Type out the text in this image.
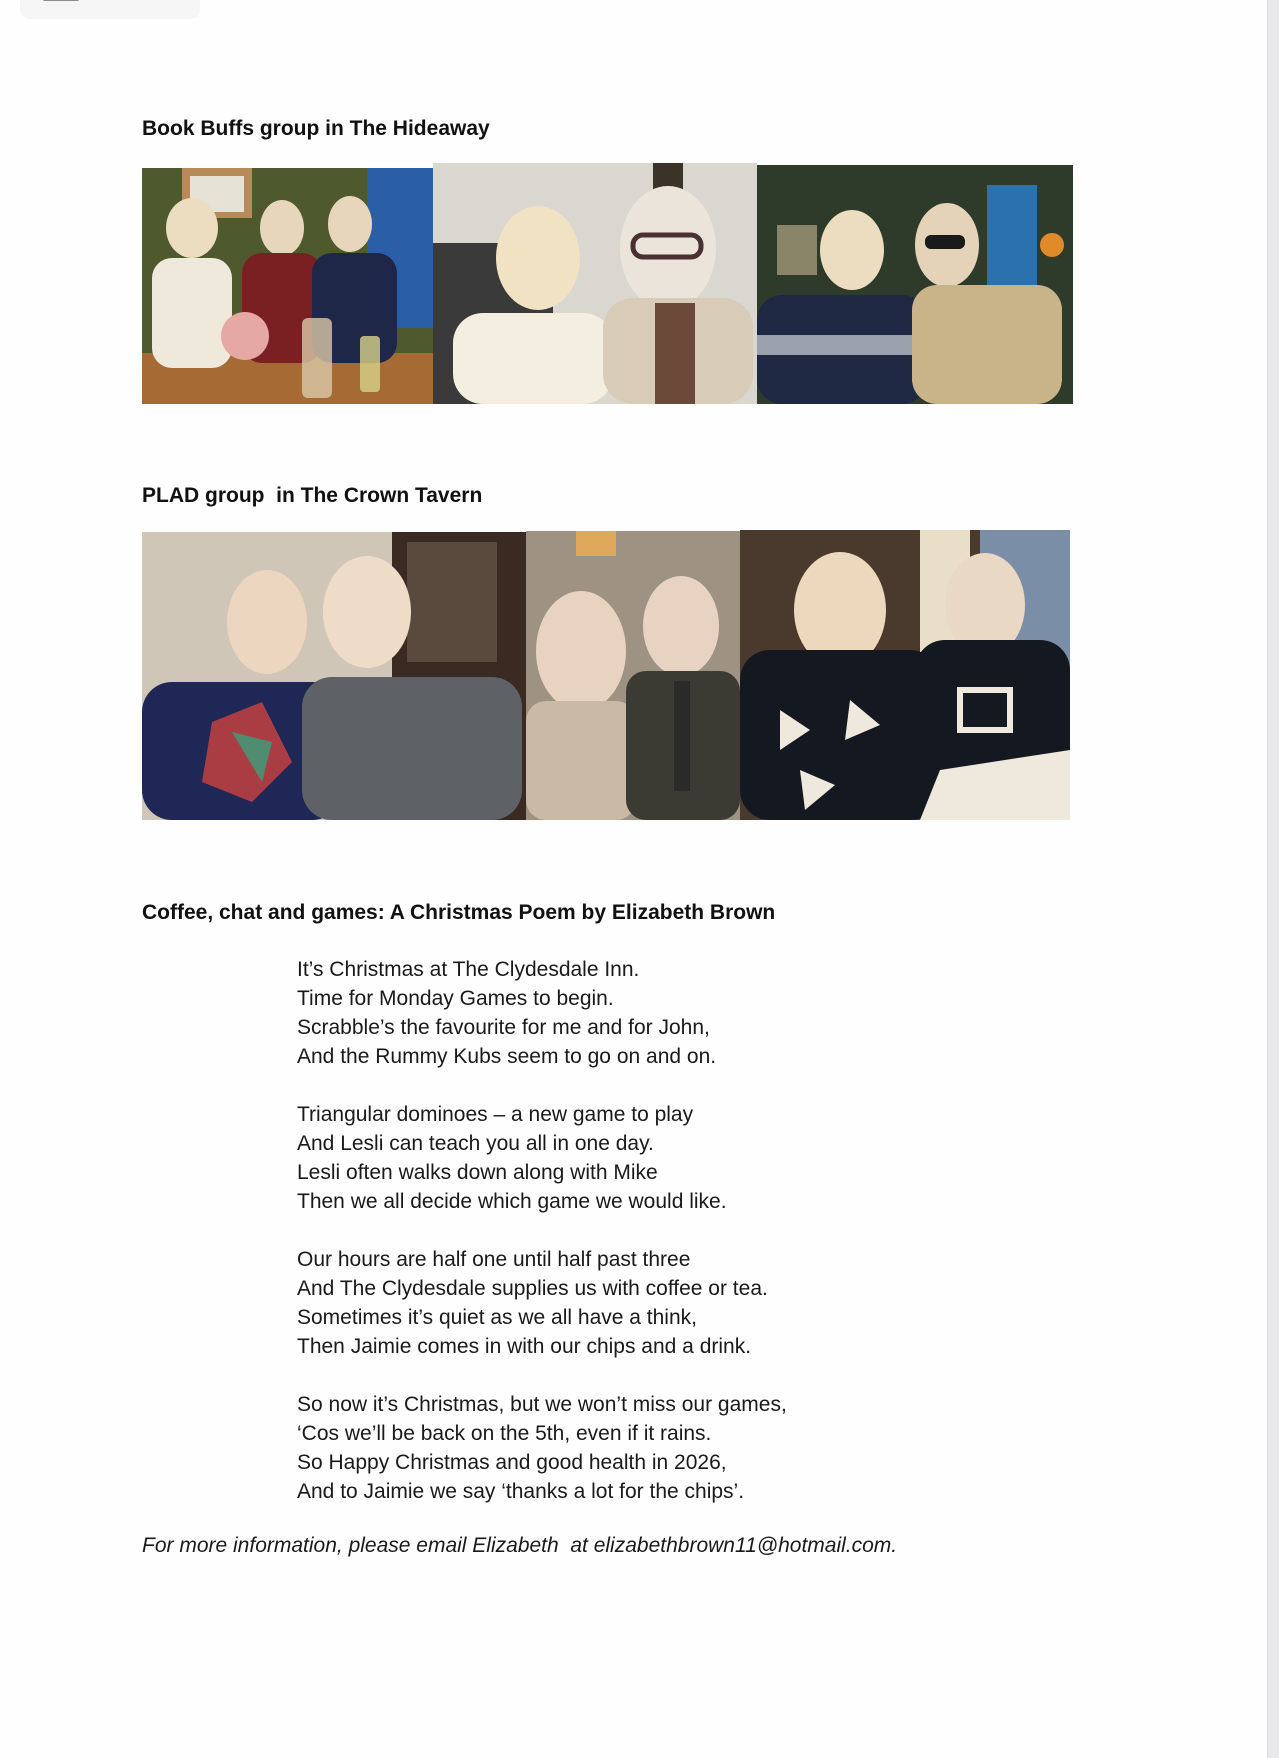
Book Buffs group in The Hideaway
PLAD group  in The Crown Tavern
Coffee, chat and games: A Christmas Poem by Elizabeth Brown
It’s Christmas at The Clydesdale Inn.
Time for Monday Games to begin.
Scrabble’s the favourite for me and for John,
And the Rummy Kubs seem to go on and on.
Triangular dominoes – a new game to play
And Lesli can teach you all in one day.
Lesli often walks down along with Mike
Then we all decide which game we would like.
Our hours are half one until half past three
And The Clydesdale supplies us with coffee or tea.
Sometimes it’s quiet as we all have a think,
Then Jaimie comes in with our chips and a drink.
So now it’s Christmas, but we won’t miss our games,
‘Cos we’ll be back on the 5th, even if it rains.
So Happy Christmas and good health in 2026,
And to Jaimie we say ‘thanks a lot for the chips’.
For more information, please email Elizabeth  at elizabethbrown11@hotmail.com.
